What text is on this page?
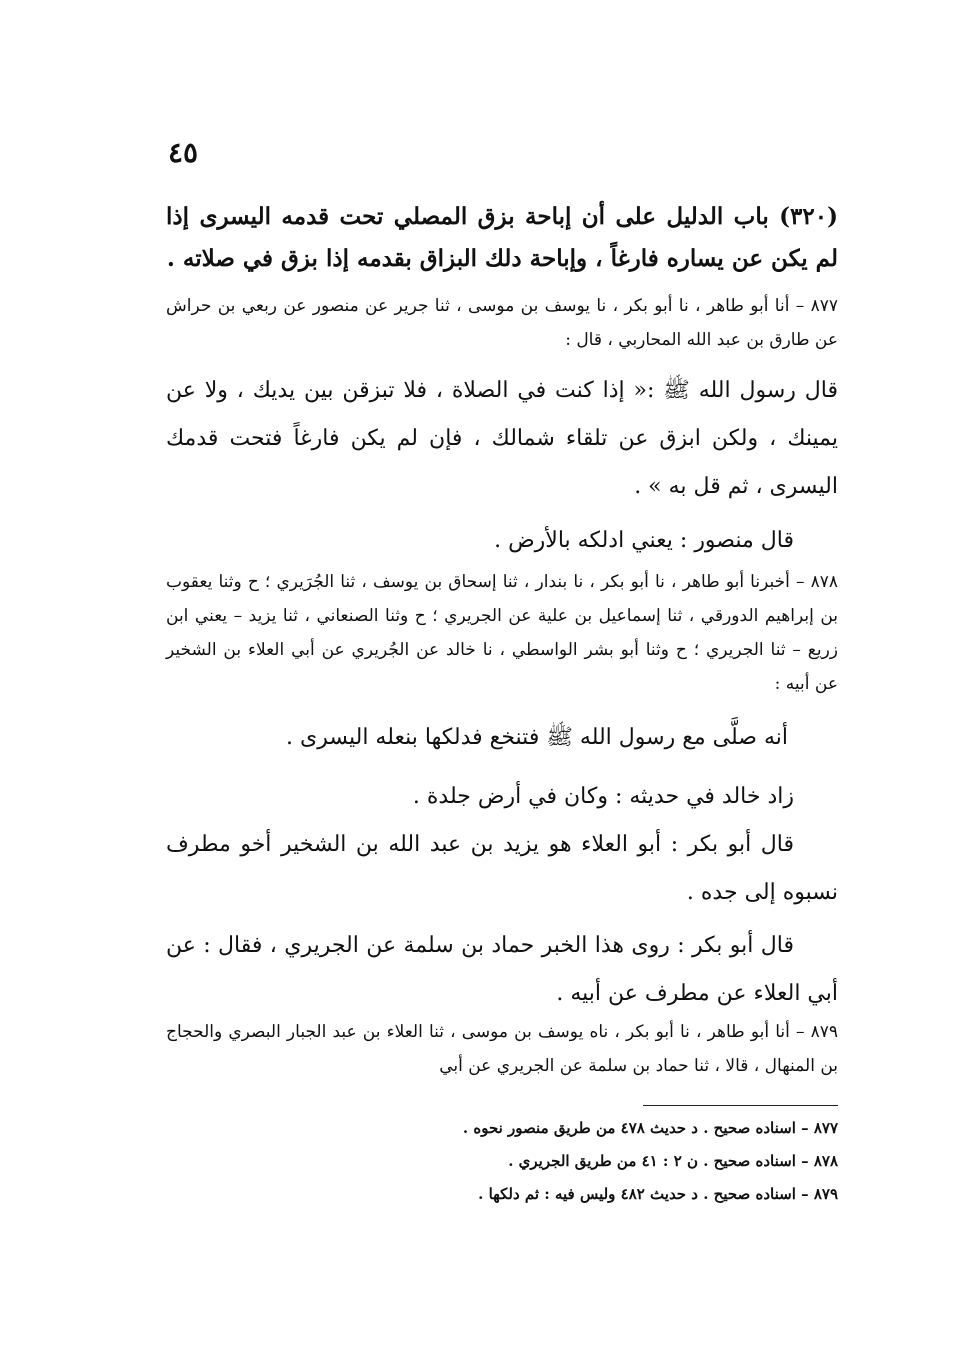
٤٥

(٣٢٠) باب الدليل على أن إباحة بزق المصلي تحت قدمه اليسرى إذا لم يكن عن يساره فارغاً ، وإباحة دلك البزاق بقدمه إذا بزق في صلاته .

٨٧٧ – أنا أبو طاهر ، نا أبو بكر ، نا يوسف بن موسى ، ثنا جرير عن منصور عن ربعي بن حراش عن طارق بن عبد الله المحاربي ، قال :

قال رسول الله ﷺ :« إذا كنت في الصلاة ، فلا تبزقن بين يديك ، ولا عن يمينك ، ولكن ابزق عن تلقاء شمالك ، فإن لم يكن فارغاً فتحت قدمك اليسرى ، ثم قل به » .

قال منصور : يعني ادلكه بالأرض .

٨٧٨ – أخبرنا أبو طاهر ، نا أبو بكر ، نا بندار ، ثنا إسحاق بن يوسف ، ثنا الجُرَيري ؛ ح وثنا يعقوب بن إبراهيم الدورقي ، ثنا إسماعيل بن علية عن الجريري ؛ ح وثنا الصنعاني ، ثنا يزيد – يعني ابن زريع – ثنا الجريري ؛ ح وثنا أبو بشر الواسطي ، نا خالد عن الجُريري عن أبي العلاء بن الشخير عن أبيه :

أنه صلَّى مع رسول الله ﷺ فتنخع فدلكها بنعله اليسرى .

زاد خالد في حديثه : وكان في أرض جلدة .

قال أبو بكر : أبو العلاء هو يزيد بن عبد الله بن الشخير أخو مطرف نسبوه إلى جده .

قال أبو بكر : روى هذا الخبر حماد بن سلمة عن الجريري ، فقال : عن أبي العلاء عن مطرف عن أبيه .

٨٧٩ – أنا أبو طاهر ، نا أبو بكر ، ناه يوسف بن موسى ، ثنا العلاء بن عبد الجبار البصري والحجاج بن المنهال ، قالا ، ثنا حماد بن سلمة عن الجريري عن أبي

٨٧٧ – اسناده صحيح . د حديث ٤٧٨ من طريق منصور نحوه .
٨٧٨ – اسناده صحيح . ن ٢ : ٤١ من طريق الجريري .
٨٧٩ – اسناده صحيح . د حديث ٤٨٢ وليس فيه : ثم دلكها .
